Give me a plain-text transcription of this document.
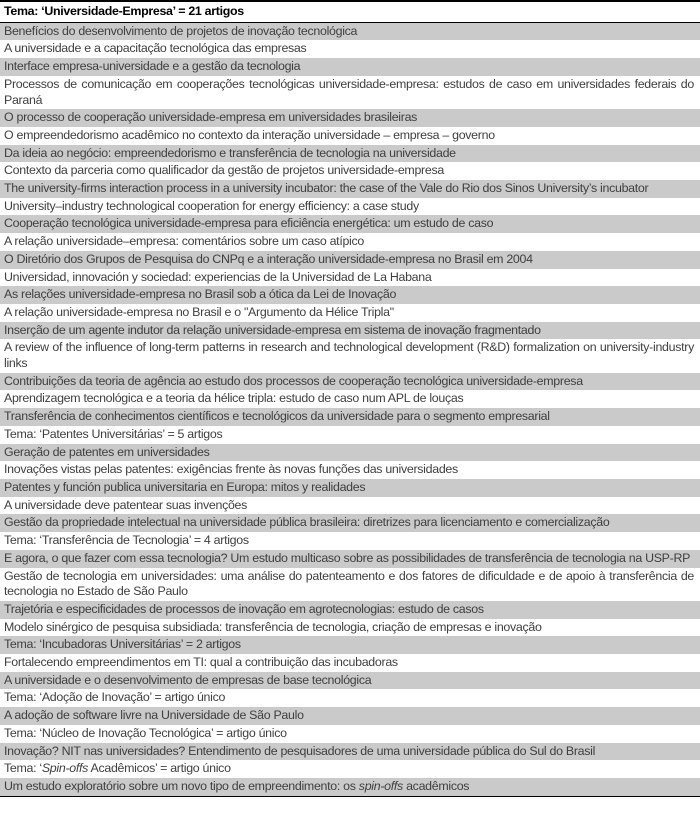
Tema: ‘Universidade-Empresa’ = 21 artigos
Benefícios do desenvolvimento de projetos de inovação tecnológica
A universidade e a capacitação tecnológica das empresas
Interface empresa-universidade e a gestão da tecnologia
Processos de comunicação em cooperações tecnológicas universidade-empresa: estudos de caso em universidades federais do Paraná
O processo de cooperação universidade-empresa em universidades brasileiras
O empreendedorismo acadêmico no contexto da interação universidade – empresa – governo
Da ideia ao negócio: empreendedorismo e transferência de tecnologia na universidade
Contexto da parceria como qualificador da gestão de projetos universidade-empresa
The university-firms interaction process in a university incubator: the case of the Vale do Rio dos Sinos University’s incubator
University–industry technological cooperation for energy efficiency: a case study
Cooperação tecnológica universidade-empresa para eficiência energética: um estudo de caso
A relação universidade–empresa: comentários sobre um caso atípico
O Diretório dos Grupos de Pesquisa do CNPq e a interação universidade-empresa no Brasil em 2004
Universidad, innovación y sociedad: experiencias de la Universidad de La Habana
As relações universidade-empresa no Brasil sob a ótica da Lei de Inovação
A relação universidade-empresa no Brasil e o "Argumento da Hélice Tripla"
Inserção de um agente indutor da relação universidade-empresa em sistema de inovação fragmentado
A review of the influence of long-term patterns in research and technological development (R&D) formalization on university-industry links
Contribuições da teoria de agência ao estudo dos processos de cooperação tecnológica universidade-empresa
Aprendizagem tecnológica e a teoria da hélice tripla: estudo de caso num APL de louças
Transferência de conhecimentos científicos e tecnológicos da universidade para o segmento empresarial
Tema: ‘Patentes Universitárias’ = 5 artigos
Geração de patentes em universidades
Inovações vistas pelas patentes: exigências frente às novas funções das universidades
Patentes y función publica universitaria en Europa: mitos y realidades
A universidade deve patentear suas invenções
Gestão da propriedade intelectual na universidade pública brasileira: diretrizes para licenciamento e comercialização
Tema: ‘Transferência de Tecnologia’ = 4 artigos
E agora, o que fazer com essa tecnologia? Um estudo multicaso sobre as possibilidades de transferência de tecnologia na USP-RP
Gestão de tecnologia em universidades: uma análise do patenteamento e dos fatores de dificuldade e de apoio à transferência de tecnologia no Estado de São Paulo
Trajetória e especificidades de processos de inovação em agrotecnologias: estudo de casos
Modelo sinérgico de pesquisa subsidiada: transferência de tecnologia, criação de empresas e inovação
Tema: ‘Incubadoras Universitárias’ = 2 artigos
Fortalecendo empreendimentos em TI: qual a contribuição das incubadoras
A universidade e o desenvolvimento de empresas de base tecnológica
Tema: ‘Adoção de Inovação’ = artigo único
A adoção de software livre na Universidade de São Paulo
Tema: ‘Núcleo de Inovação Tecnológica’ = artigo único
Inovação? NIT nas universidades? Entendimento de pesquisadores de uma universidade pública do Sul do Brasil
Tema: ‘Spin-offs Acadêmicos’ = artigo único
Um estudo exploratório sobre um novo tipo de empreendimento: os spin-offs acadêmicos
